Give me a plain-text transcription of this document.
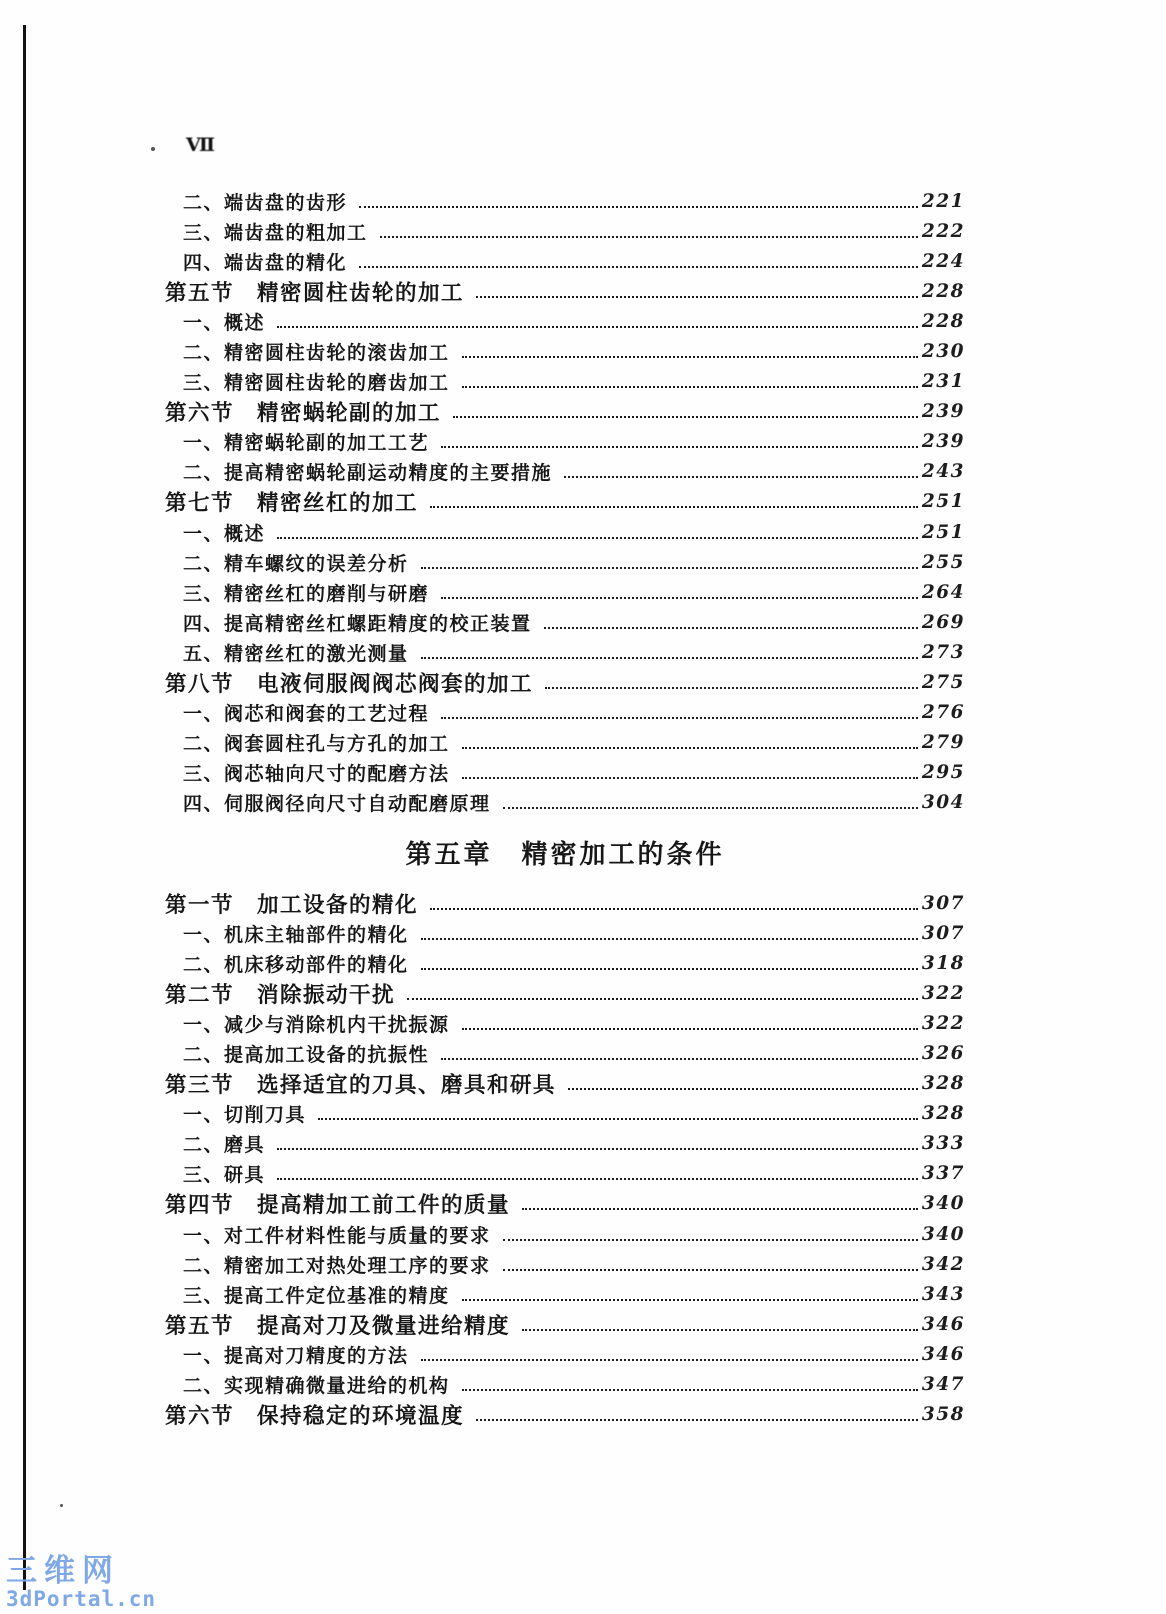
Ⅶ
二、端齿盘的齿形	221
三、端齿盘的粗加工	222
四、端齿盘的精化	224
第五节　精密圆柱齿轮的加工	228
一、概述	228
二、精密圆柱齿轮的滚齿加工	230
三、精密圆柱齿轮的磨齿加工	231
第六节　精密蜗轮副的加工	239
一、精密蜗轮副的加工工艺	239
二、提高精密蜗轮副运动精度的主要措施	243
第七节　精密丝杠的加工	251
一、概述	251
二、精车螺纹的误差分析	255
三、精密丝杠的磨削与研磨	264
四、提高精密丝杠螺距精度的校正装置	269
五、精密丝杠的激光测量	273
第八节　电液伺服阀阀芯阀套的加工	275
一、阀芯和阀套的工艺过程	276
二、阀套圆柱孔与方孔的加工	279
三、阀芯轴向尺寸的配磨方法	295
四、伺服阀径向尺寸自动配磨原理	304
第五章　精密加工的条件
第一节　加工设备的精化	307
一、机床主轴部件的精化	307
二、机床移动部件的精化	318
第二节　消除振动干扰	322
一、减少与消除机内干扰振源	322
二、提高加工设备的抗振性	326
第三节　选择适宜的刀具、磨具和研具	328
一、切削刀具	328
二、磨具	333
三、研具	337
第四节　提高精加工前工件的质量	340
一、对工件材料性能与质量的要求	340
二、精密加工对热处理工序的要求	342
三、提高工件定位基准的精度	343
第五节　提高对刀及微量进给精度	346
一、提高对刀精度的方法	346
二、实现精确微量进给的机构	347
第六节　保持稳定的环境温度	358
三维网
3dPortal.cn
